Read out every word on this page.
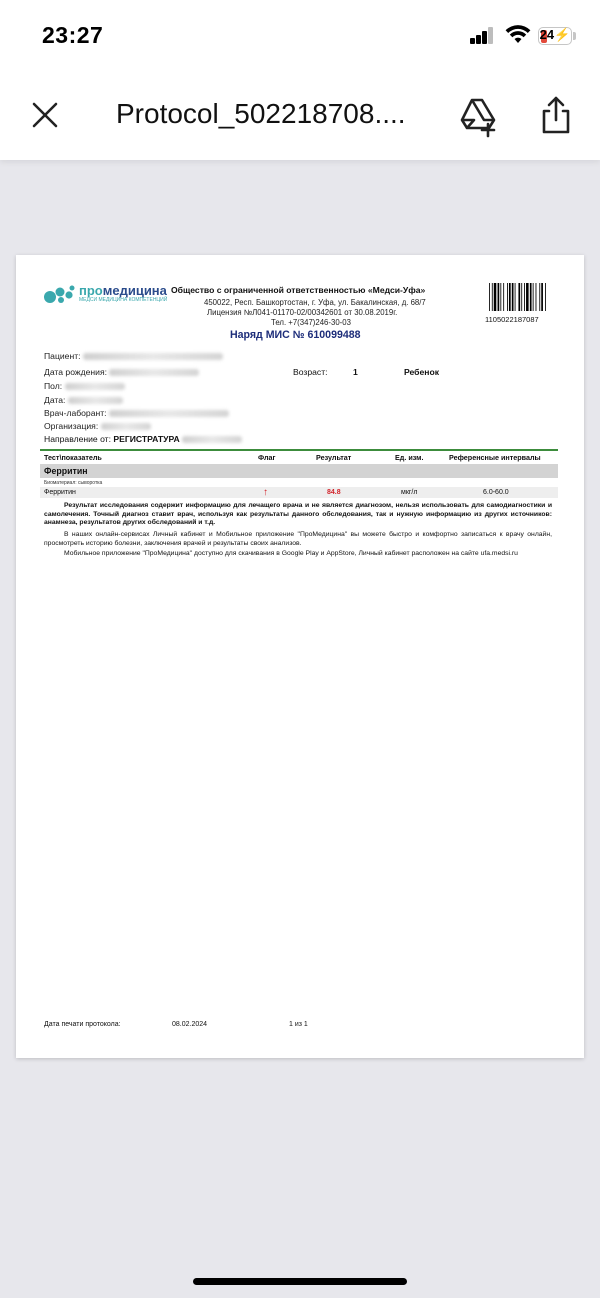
23:27	24⚡
Protocol_502218708....
промедицина
МЕДСИ МЕДИЦИНА КОМПЕТЕНЦИЙ
Общество с ограниченной ответственностью «Медси-Уфа»
450022, Респ. Башкортостан, г. Уфа, ул. Бакалинская, д. 68/7
Лицензия №Л041-01170-02/00342601 от 30.08.2019г.
Тел. +7(347)246-30-03	1105022187087
Наряд МИС № 610099488
Пациент:
Дата рождения:
Пол:
Дата:
Врач-лаборант:
Организация:
Возраст:	1	Ребенок
Направление от: РЕГИСТРАТУРА
Тест\показатель	Флаг	Результат	Ед. изм.	Референсные интервалы
Ферритин
Биоматериал: сыворотка
Ферритин	↑	84.8	мкг/л	6.0-60.0
Результат исследования содержит информацию для лечащего врача и не является диагнозом, нельзя использовать для самодиагностики и самолечения. Точный диагноз ставит врач, используя как результаты данного обследования, так и нужную информацию из других источников: анамнеза, результатов других обследований и т.д.
В наших онлайн-сервисах Личный кабинет и Мобильное приложение "ПроМедицина" вы можете быстро и комфортно записаться к врачу онлайн, просмотреть историю болезни, заключения врачей и результаты своих анализов.
Мобильное приложение "ПроМедицина" доступно для скачивания в Google Play и AppStore, Личный кабинет расположен на сайте ufa.medsi.ru
Дата печати протокола:	08.02.2024	1 из 1
